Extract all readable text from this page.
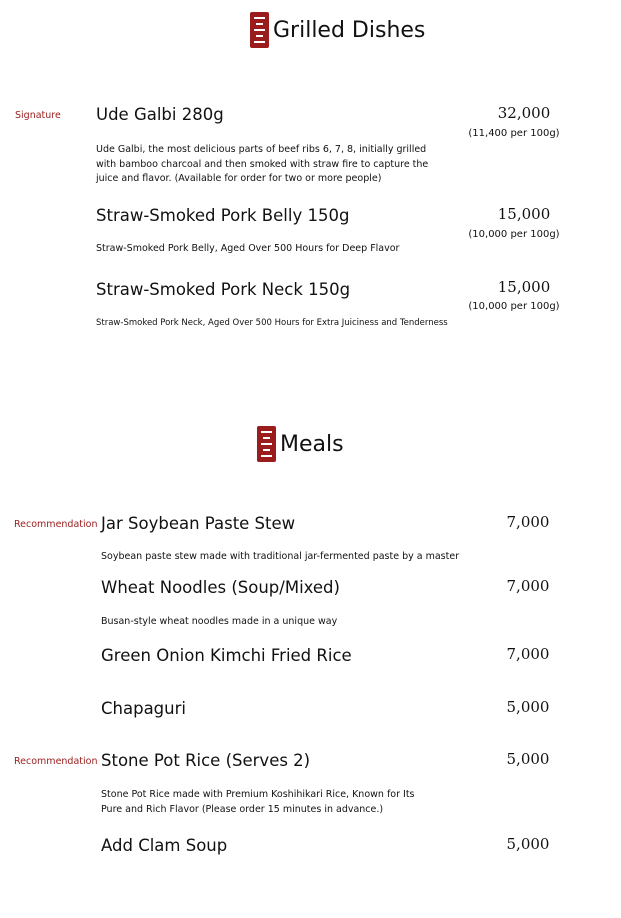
Grilled Dishes
Signature Ude Galbi 280g
Ude Galbi, the most delicious parts of beef ribs 6, 7, 8, initially grilled with bamboo charcoal and then smoked with straw fire to capture the juice and flavor. (Available for order for two or more people)
32,000
(11,400 per 100g)
Straw-Smoked Pork Belly 150g
Straw-Smoked Pork Belly, Aged Over 500 Hours for Deep Flavor
15,000
(10,000 per 100g)
Straw-Smoked Pork Neck 150g
Straw-Smoked Pork Neck, Aged Over 500 Hours for Extra Juiciness and Tenderness
15,000
(10,000 per 100g)
Meals
Recommendation Jar Soybean Paste Stew
Soybean paste stew made with traditional jar-fermented paste by a master
7,000
Wheat Noodles (Soup/Mixed)
Busan-style wheat noodles made in a unique way
7,000
Green Onion Kimchi Fried Rice	7,000
Chapaguri	5,000
Recommendation Stone Pot Rice (Serves 2)
Stone Pot Rice made with Premium Koshihikari Rice, Known for Its Pure and Rich Flavor (Please order 15 minutes in advance.)
5,000
Add Clam Soup	5,000
